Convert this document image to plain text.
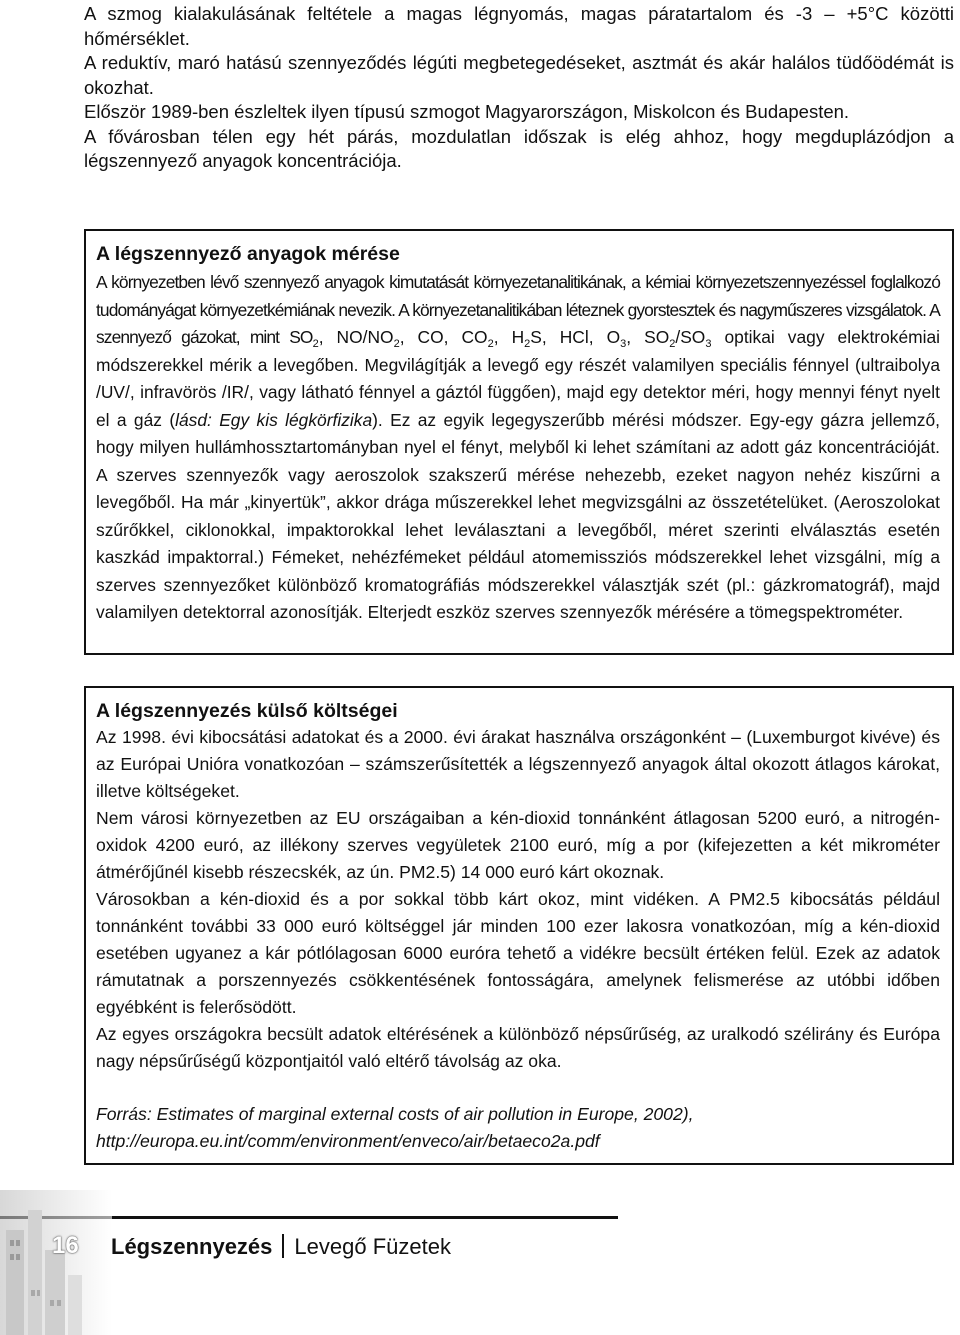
A szmog kialakulásának feltétele a magas légnyomás, magas páratartalom és -3 – +5°C közötti hőmérséklet.

A reduktív, maró hatású szennyeződés légúti megbetegedéseket, asztmát és akár halálos tüdőödémát is okozhat.

Először 1989-ben észleltek ilyen típusú szmogot Magyarországon, Miskolcon és Budapesten.

A fővárosban télen egy hét párás, mozdulatlan időszak is elég ahhoz, hogy megduplázódjon a légszennyező anyagok koncentrációja.

A légszennyező anyagok mérése

A környezetben lévő szennyező anyagok kimutatását környezetanalitikának, a kémiai környezetszennyezéssel foglalkozó tudományágat környezetkémiának nevezik. A környezetanalitikában léteznek gyorstesztek és nagyműszeres vizsgálatok. A szennyező gázokat, mint $SO_2$, $NO/NO_2$, CO, $CO_2$, $H_2S$, HCl, $O_3$, $SO_2/SO_3$ optikai vagy elektrokémiai módszerekkel mérik a levegőben. Megvilágítják a levegő egy részét valamilyen speciális fénnyel (ultraibolya /UV/, infravörös /IR/, vagy látható fénnyel a gáztól függően), majd egy detektor méri, hogy mennyi fényt nyelt el a gáz (lásd: Egy kis légkörfizika). Ez az egyik legegyszerűbb mérési módszer. Egy-egy gázra jellemző, hogy milyen hullámhossztartományban nyel el fényt, melyből ki lehet számítani az adott gáz koncentrációját. A szerves szennyezők vagy aeroszolok szakszerű mérése nehezebb, ezeket nagyon nehéz kiszűrni a levegőből. Ha már „kinyertük”, akkor drága műszerekkel lehet megvizsgálni az összetételüket. (Aeroszolokat szűrőkkel, ciklonokkal, impaktorokkal lehet leválasztani a levegőből, méret szerinti elválasztás esetén kaszkád impaktorral.) Fémeket, nehézfémeket például atomemissziós módszerekkel lehet vizsgálni, míg a szerves szennyezőket különböző kromatográfiás módszerekkel választják szét (pl.: gázkromatográf), majd valamilyen detektorral azonosítják. Elterjedt eszköz szerves szennyezők mérésére a tömegspektrométer.

A légszennyezés külső költségei

Az 1998. évi kibocsátási adatokat és a 2000. évi árakat használva országonként – (Luxemburgot kivéve) és az Európai Unióra vonatkozóan – számszerűsítették a légszennyező anyagok által okozott átlagos károkat, illetve költségeket.

Nem városi környezetben az EU országaiban a kén-dioxid tonnánként átlagosan 5200 euró, a nitrogén-oxidok 4200 euró, az illékony szerves vegyületek 2100 euró, míg a por (kifejezetten a két mikrométer átmérőjűnél kisebb részecskék, az ún. PM2.5) 14 000 euró kárt okoznak.

Városokban a kén-dioxid és a por sokkal több kárt okoz, mint vidéken. A PM2.5 kibocsátás például tonnánként további 33 000 euró költséggel jár minden 100 ezer lakosra vonatkozóan, míg a kén-dioxid esetében ugyanez a kár pótlólagosan 6000 euróra tehető a vidékre becsült értéken felül. Ezek az adatok rámutatnak a porszennyezés csökkentésének fontosságára, amelynek felismerése az utóbbi időben egyébként is felerősödött.

Az egyes országokra becsült adatok eltérésének a különböző népsűrűség, az uralkodó szélirány és Európa nagy népsűrűségű központjaitól való eltérő távolság az oka.

Forrás: Estimates of marginal external costs of air pollution in Europe, 2002),

http://europa.eu.int/comm/environment/enveco/air/betaeco2a.pdf

16 Légszennyezés Levegő Füzetek
